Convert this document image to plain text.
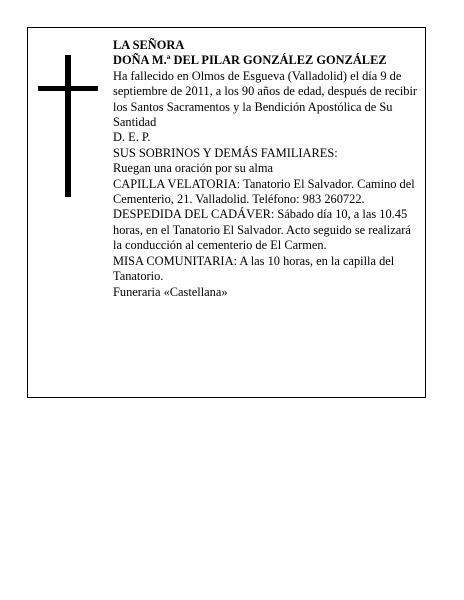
LA SEÑORA

DOÑA M.ª DEL PILAR GONZÁLEZ GONZÁLEZ

Ha fallecido en Olmos de Esgueva (Valladolid) el día 9 de septiembre de 2011, a los 90 años de edad, después de recibir los Santos Sacramentos y la Bendición Apostólica de Su Santidad

D. E. P.

SUS SOBRINOS Y DEMÁS FAMILIARES:

Ruegan una oración por su alma

CAPILLA VELATORIA: Tanatorio El Salvador. Camino del Cementerio, 21. Valladolid. Teléfono: 983 260722.

DESPEDIDA DEL CADÁVER: Sábado día 10, a las 10.45 horas, en el Tanatorio El Salvador. Acto seguido se realizará la conducción al cementerio de El Carmen.

MISA COMUNITARIA: A las 10 horas, en la capilla del Tanatorio.

Funeraria «Castellana»
